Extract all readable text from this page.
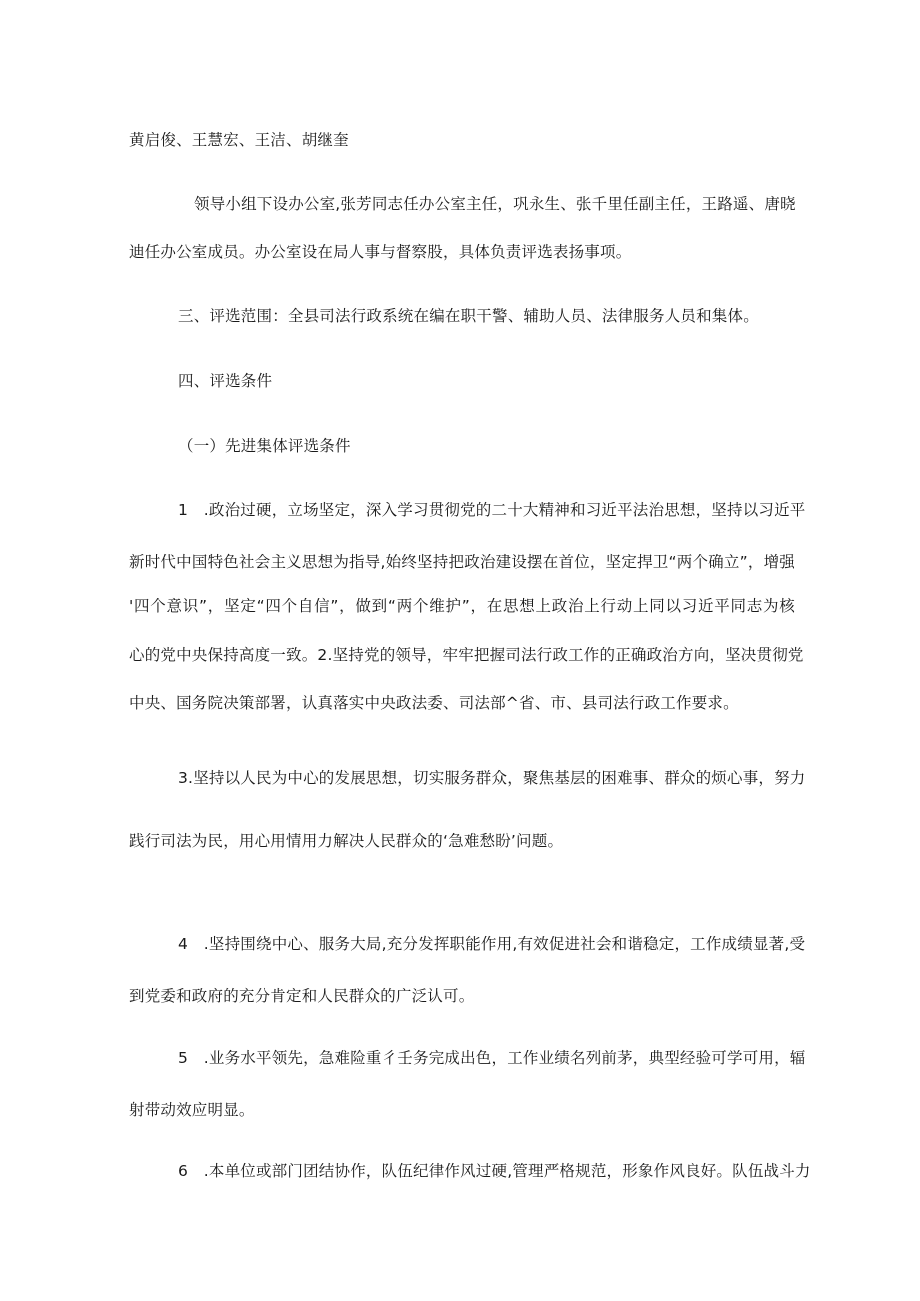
黄启俊、王慧宏、王洁、胡继奎
领导小组下设办公室,张芳同志任办公室主任，巩永生、张千里任副主任，王路遥、唐晓
迪任办公室成员。办公室设在局人事与督察股，具体负责评选表扬事项。
三、评选范围：全县司法行政系统在编在职干警、辅助人员、法律服务人员和集体。
四、评选条件
（一）先进集体评选条件
1　.政治过硬，立场坚定，深入学习贯彻党的二十大精神和习近平法治思想，坚持以习近平
新时代中国特色社会主义思想为指导,始终坚持把政治建设摆在首位，坚定捍卫“两个确立”，增强
'四个意识”，坚定“四个自信”，做到“两个维护”，在思想上政治上行动上同以习近平同志为核
心的党中央保持高度一致。2.坚持党的领导，牢牢把握司法行政工作的正确政治方向，坚决贯彻党
中央、国务院决策部署，认真落实中央政法委、司法部^省、市、县司法行政工作要求。
3.坚持以人民为中心的发展思想，切实服务群众，聚焦基层的困难事、群众的烦心事，努力
践行司法为民，用心用情用力解决人民群众的‘急难愁盼’问题。
4　.坚持围绕中心、服务大局,充分发挥职能作用,有效促进社会和谐稳定，工作成绩显著,受
到党委和政府的充分肯定和人民群众的广泛认可。
5　.业务水平领先，急难险重彳壬务完成出色，工作业绩名列前茅，典型经验可学可用，辐
射带动效应明显。
6　.本单位或部门团结协作，队伍纪律作风过硬,管理严格规范，形象作风良好。队伍战斗力
